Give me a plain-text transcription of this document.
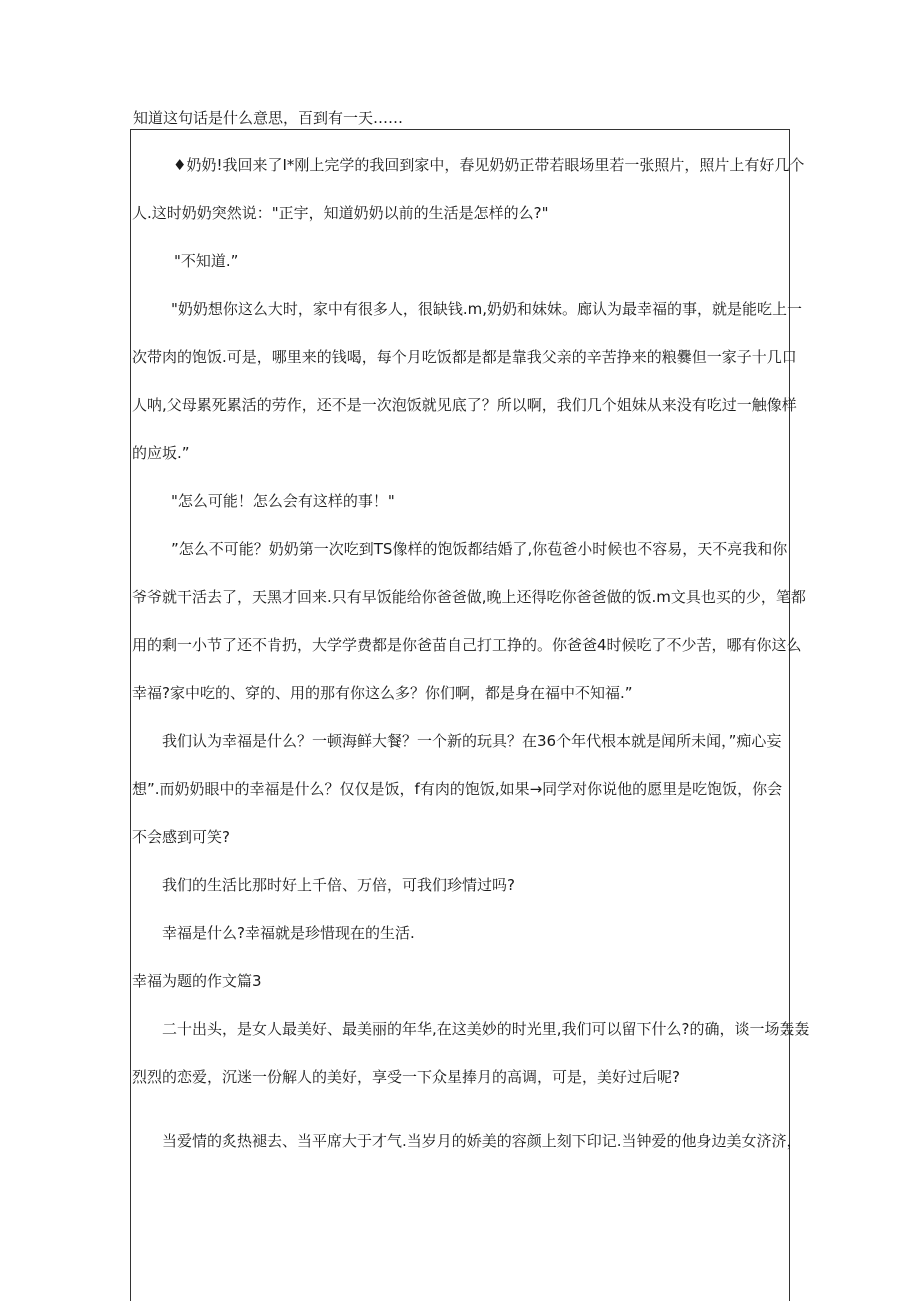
知道这句话是什么意思，百到有一天……
♦奶奶!我回来了I*刚上完学的我回到家中，春见奶奶正带若眼场里若一张照片，照片上有好几个
人.这时奶奶突然说："正宇，知道奶奶以前的生活是怎样的么?"
"不知道.”
"奶奶想你这么大时，家中有很多人，很缺钱.m,奶奶和妹妹。廊认为最幸福的事，就是能吃上一
次带肉的饱饭.可是，哪里来的钱喝，每个月吃饭都是都是靠我父亲的辛苦挣来的粮爨但一家子十几口
人呐,父母累死累活的劳作，还不是一次泡饭就见底了？所以啊，我们几个姐妹从来没有吃过一触像样
的应坂.”
"怎么可能！怎么会有这样的事！"
”怎么不可能？奶奶第一次吃到TS像样的饱饭都结婚了,你苞爸小时候也不容易，天不亮我和你
爷爷就干活去了，天黑才回来.只有早饭能给你爸爸做,晚上还得吃你爸爸做的饭.m文具也买的少，笔都
用的剩一小节了还不肯扔，大学学费都是你爸苗自己打工挣的。你爸爸4时候吃了不少苦，哪有你这么
幸福?家中吃的、穿的、用的那有你这么多？你们啊，都是身在福中不知福.”
我们认为幸福是什么？一顿海鲜大餐？一个新的玩具？在36个年代根本就是闻所未闻，”痴心妄
想”.而奶奶眼中的幸福是什么？仅仅是饭，f有肉的饱饭,如果→同学对你说他的愿里是吃饱饭，你会
不会感到可笑?
我们的生活比那时好上千倍、万倍，可我们珍情过吗?
幸福是什么?幸福就是珍惜现在的生活.
幸福为题的作文篇3
二十出头，是女人最美好、最美丽的年华,在这美妙的时光里,我们可以留下什么?的确，谈一场轰轰
烈烈的恋爱，沉迷一份解人的美好，享受一下众星捧月的高调，可是，美好过后呢?
当爱情的炙热褪去、当平席大于才气.当岁月的娇美的容颜上刻下印记.当钟爱的他身边美女济济，
